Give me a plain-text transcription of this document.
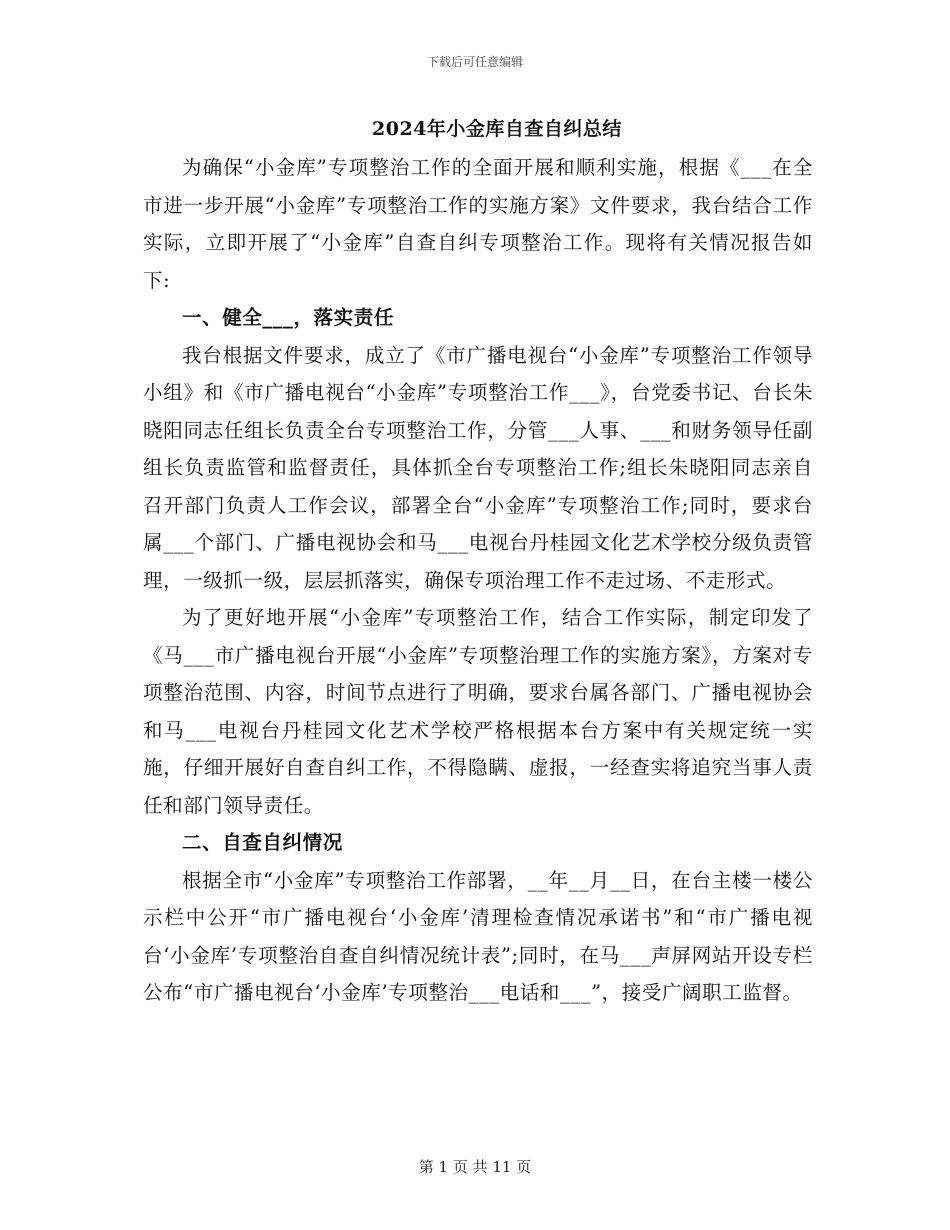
下载后可任意编辑
2024年小金库自查自纠总结

为确保“小金库”专项整治工作的全面开展和顺利实施，根据《___在全市进一步开展“小金库”专项整治工作的实施方案》文件要求，我台结合工作实际，立即开展了“小金库”自查自纠专项整治工作。现将有关情况报告如下:

一、健全___，落实责任

我台根据文件要求，成立了《市广播电视台“小金库”专项整治工作领导小组》和《市广播电视台“小金库”专项整治工作___》，台党委书记、台长朱晓阳同志任组长负责全台专项整治工作，分管___人事、___和财务领导任副组长负责监管和监督责任，具体抓全台专项整治工作;组长朱晓阳同志亲自召开部门负责人工作会议，部署全台“小金库”专项整治工作;同时，要求台属___个部门、广播电视协会和马___电视台丹桂园文化艺术学校分级负责管理，一级抓一级，层层抓落实，确保专项治理工作不走过场、不走形式。

为了更好地开展“小金库”专项整治工作，结合工作实际，制定印发了《马___市广播电视台开展“小金库”专项整治理工作的实施方案》，方案对专项整治范围、内容，时间节点进行了明确，要求台属各部门、广播电视协会和马___电视台丹桂园文化艺术学校严格根据本台方案中有关规定统一实施，仔细开展好自查自纠工作，不得隐瞒、虚报，一经查实将追究当事人责任和部门领导责任。

二、自查自纠情况

根据全市“小金库”专项整治工作部署，__年__月__日，在台主楼一楼公示栏中公开“市广播电视台‘小金库’清理检查情况承诺书”和“市广播电视台‘小金库’专项整治自查自纠情况统计表”;同时，在马___声屏网站开设专栏公布“市广播电视台‘小金库’专项整治___电话和___”，接受广阔职工监督。

第 1 页 共 11 页
